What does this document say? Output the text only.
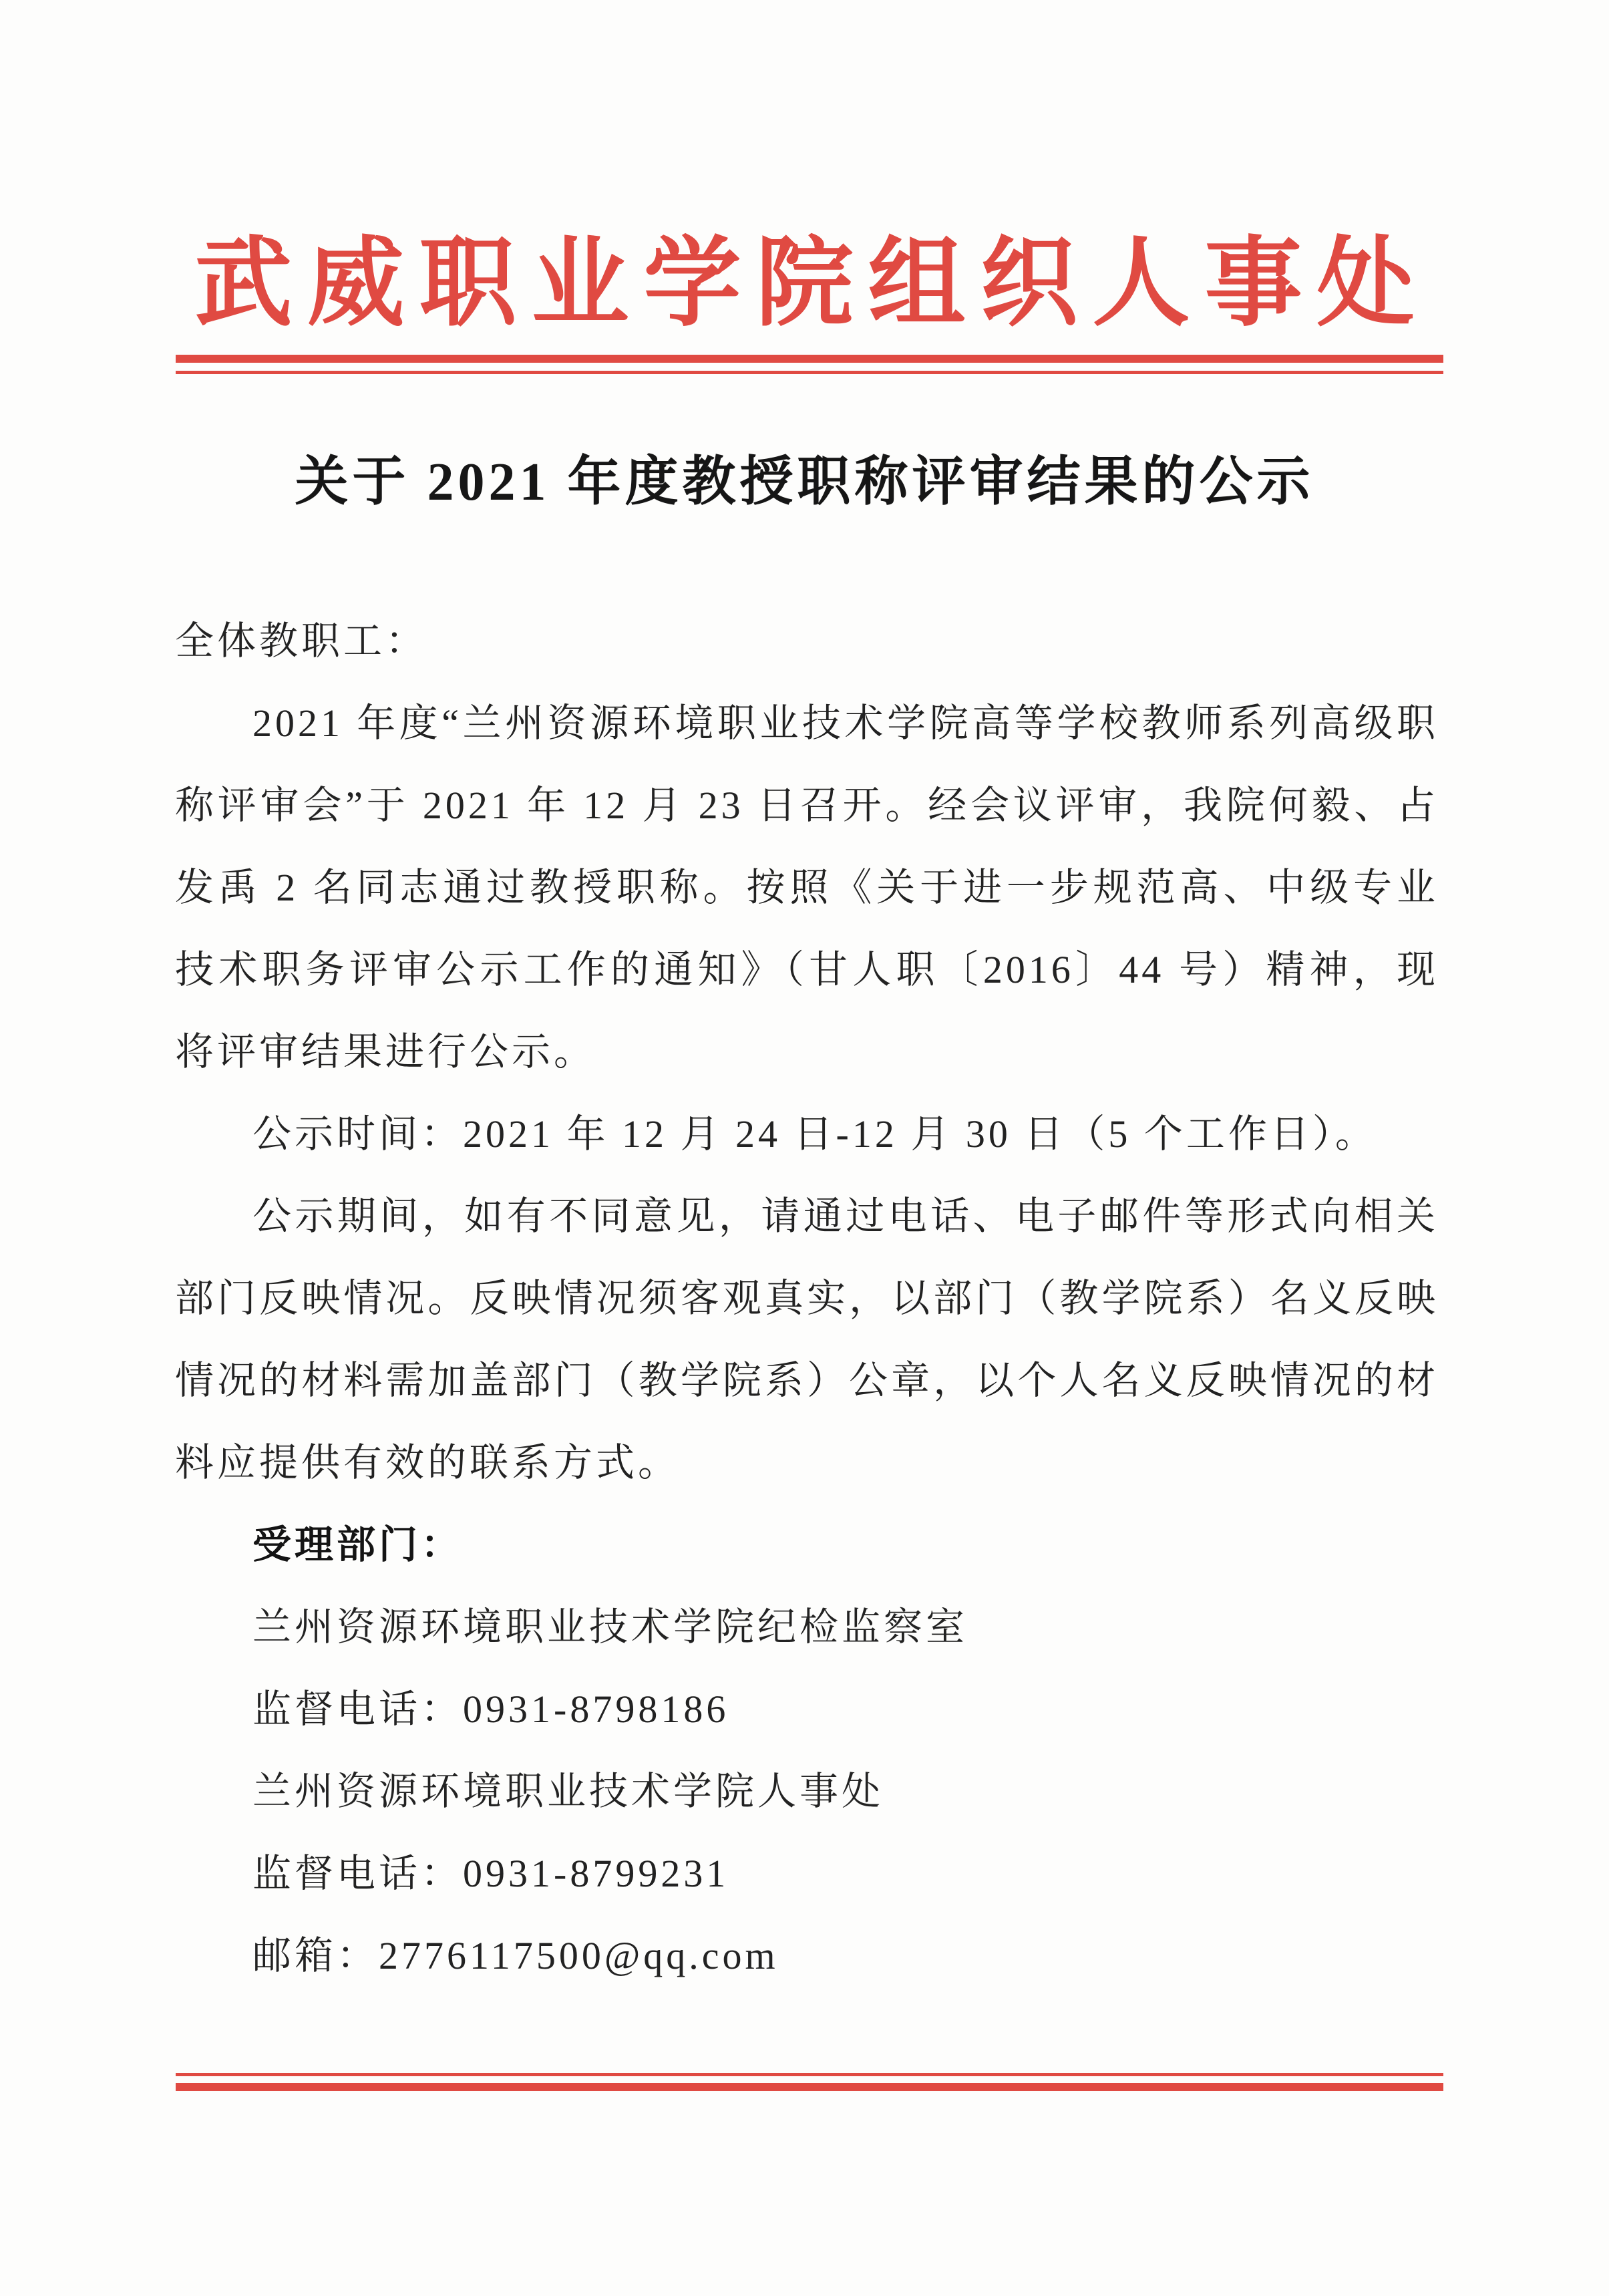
武威职业学院组织人事处
关于 2021 年度教授职称评审结果的公示

全体教职工：

2021 年度“兰州资源环境职业技术学院高等学校教师系列高级职称评审会”于 2021 年 12 月 23 日召开。经会议评审，我院何毅、占发禹 2 名同志通过教授职称。按照《关于进一步规范高、中级专业技术职务评审公示工作的通知》（甘人职〔2016〕44 号）精神，现将评审结果进行公示。

公示时间：2021 年 12 月 24 日-12 月 30 日（5 个工作日）。

公示期间，如有不同意见，请通过电话、电子邮件等形式向相关部门反映情况。反映情况须客观真实，以部门（教学院系）名义反映情况的材料需加盖部门（教学院系）公章，以个人名义反映情况的材料应提供有效的联系方式。

受理部门：

兰州资源环境职业技术学院纪检监察室

监督电话：0931-8798186

兰州资源环境职业技术学院人事处

监督电话：0931-8799231

邮箱：2776117500@qq.com
